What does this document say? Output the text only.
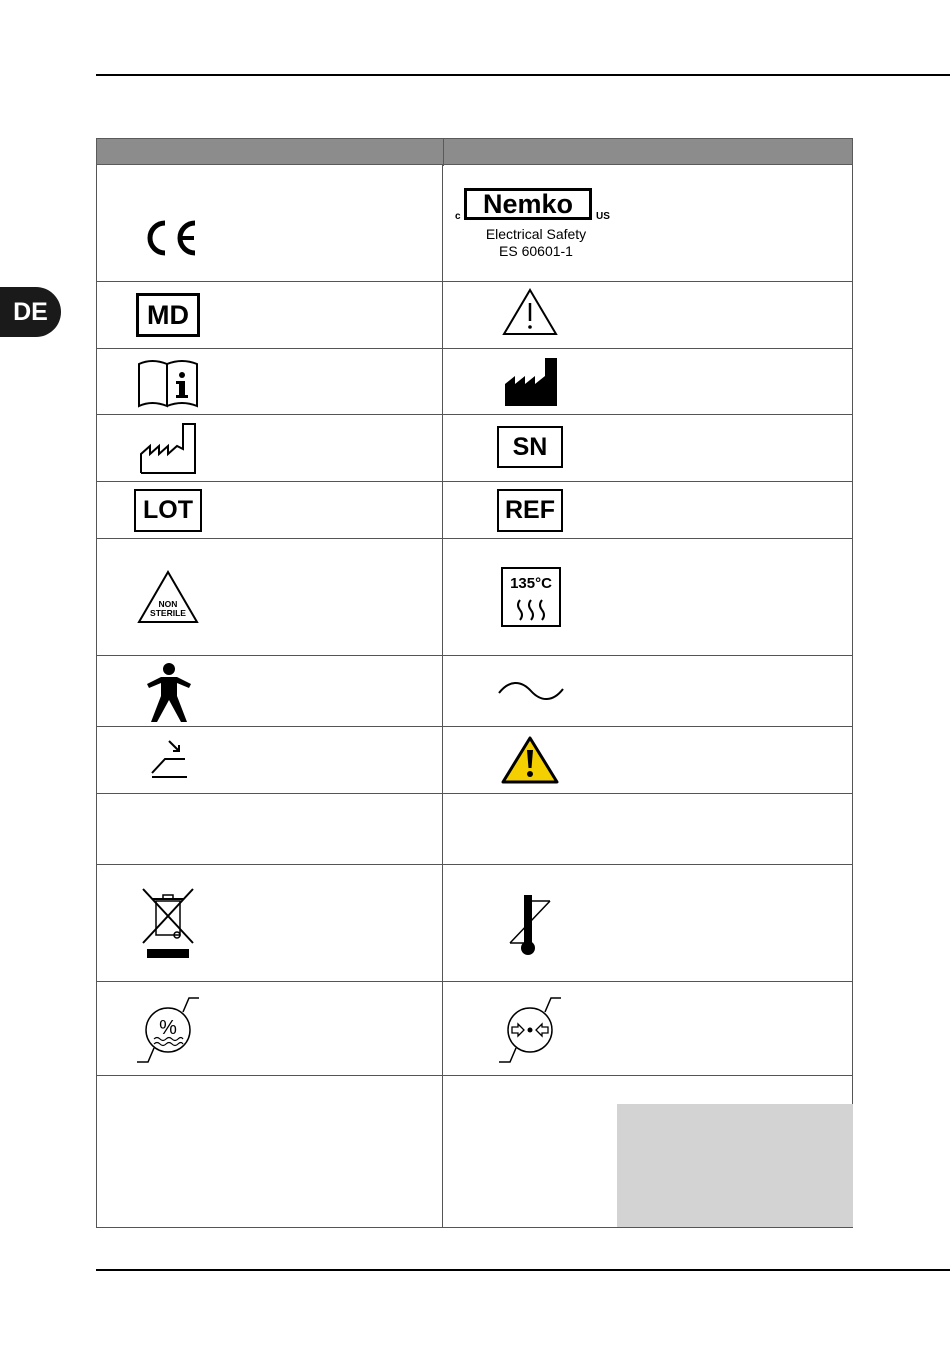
DE
c Nemko	US
Electrical Safety
ES 60601-1
MD
SN
LOT	REF
NON
STERILE
135°C
%
